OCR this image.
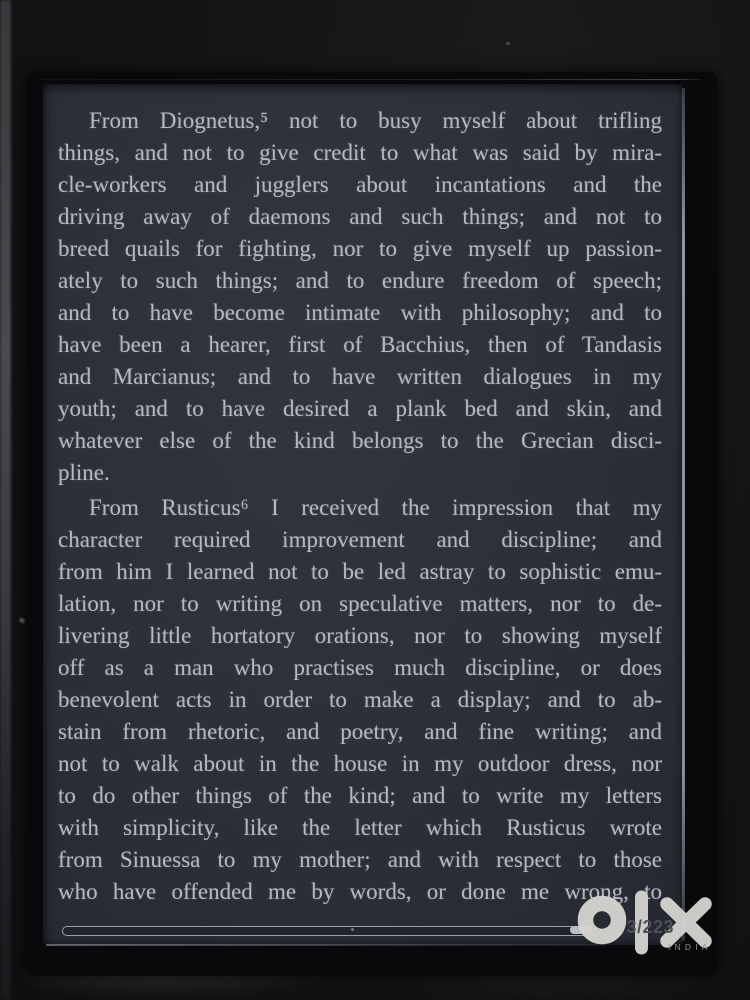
From Diognetus,⁵ not to busy myself about trifling
things, and not to give credit to what was said by mira-
cle-workers and jugglers about incantations and the
driving away of daemons and such things; and not to
breed quails for fighting, nor to give myself up passion-
ately to such things; and to endure freedom of speech;
and to have become intimate with philosophy; and to
have been a hearer, first of Bacchius, then of Tandasis
and Marcianus; and to have written dialogues in my
youth; and to have desired a plank bed and skin, and
whatever else of the kind belongs to the Grecian disci-
pline.
From Rusticus⁶ I received the impression that my
character required improvement and discipline; and
from him I learned not to be led astray to sophistic emu-
lation, nor to writing on speculative matters, nor to de-
livering little hortatory orations, nor to showing myself
off as a man who practises much discipline, or does
benevolent acts in order to make a display; and to ab-
stain from rhetoric, and poetry, and fine writing; and
not to walk about in the house in my outdoor dress, nor
to do other things of the kind; and to write my letters
with simplicity, like the letter which Rusticus wrote
from Sinuessa to my mother; and with respect to those
who have offended me by words, or done me wrong, to
3/223
INDIA
